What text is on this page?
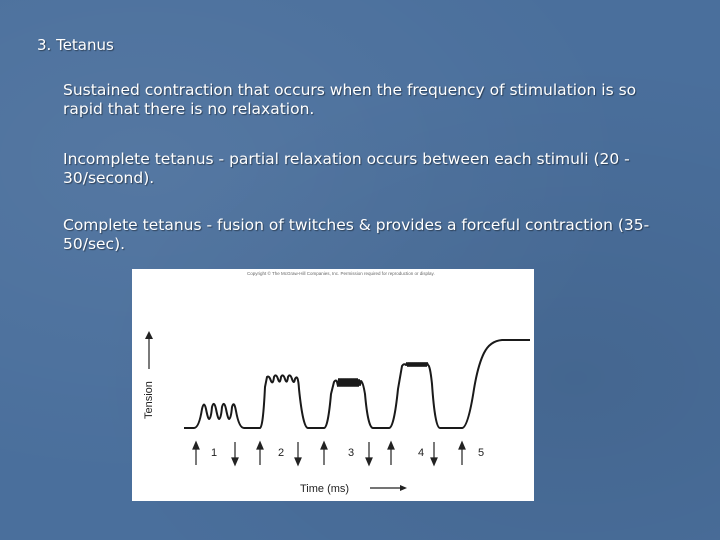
3. Tetanus
Sustained contraction that occurs when the frequency of stimulation is so rapid that there is no relaxation.
Incomplete tetanus - partial relaxation occurs between each stimuli (20 - 30/second).
Complete tetanus - fusion of twitches & provides a forceful contraction (35-50/sec).
Copyright © The McGraw-Hill Companies, Inc. Permission required for reproduction or display.
Tension
1	2	3	4	5
Time (ms)
